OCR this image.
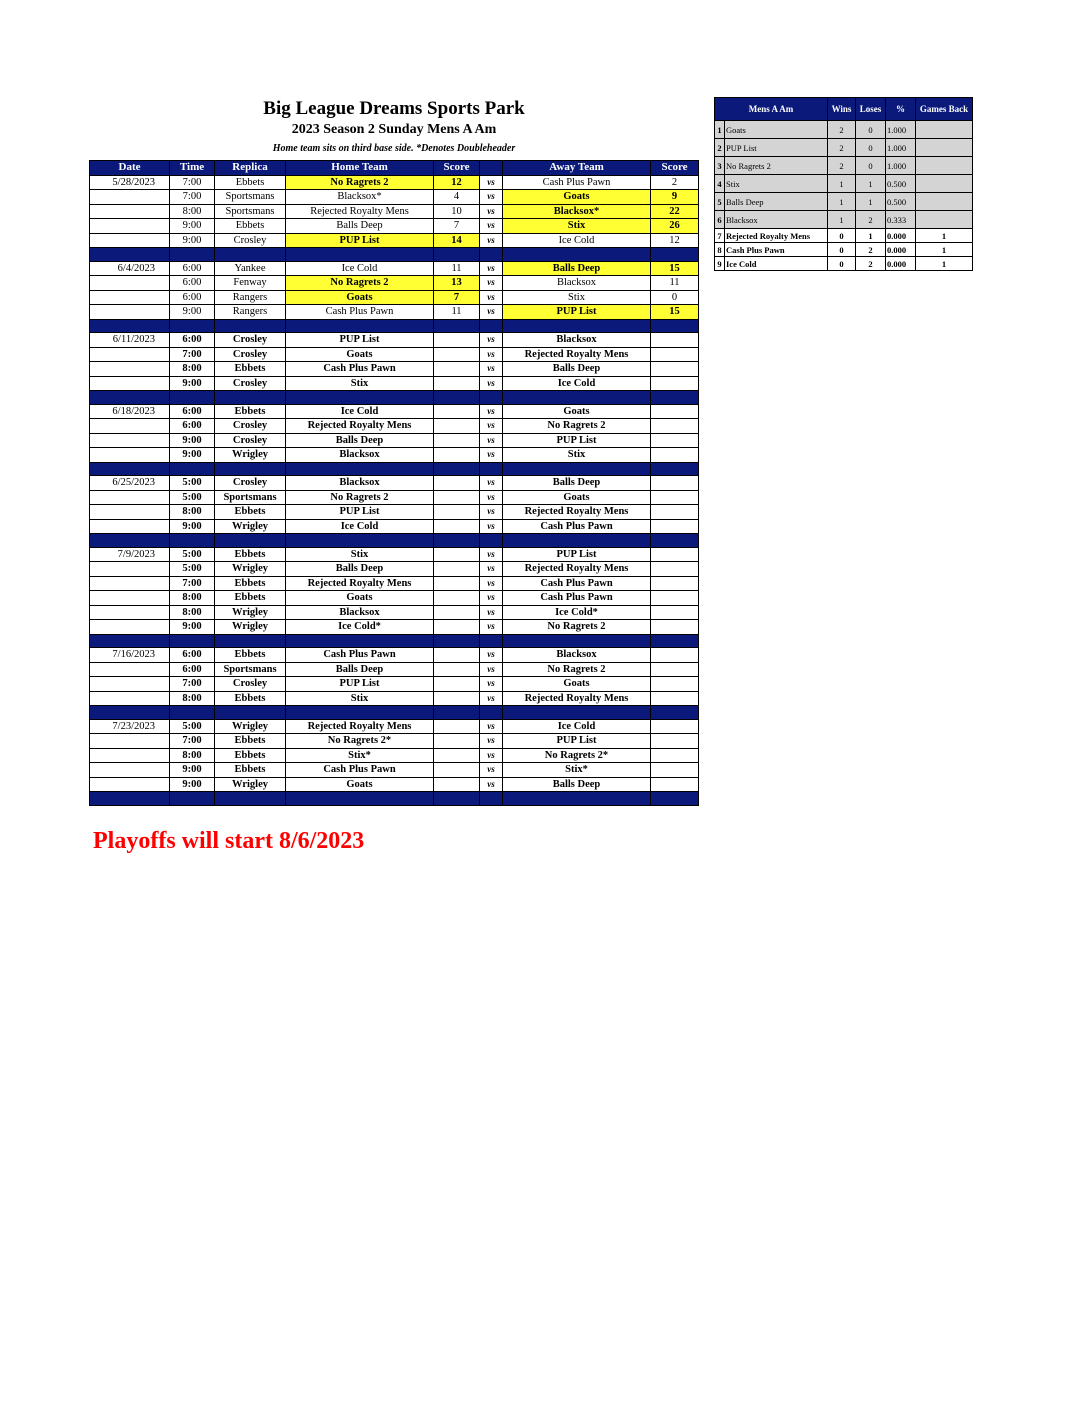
Big League Dreams Sports Park
2023 Season 2 Sunday Mens A Am
Home team sits on third base side. *Denotes Doubleheader
Date	Time	Replica	Home Team	Score		Away Team	Score
5/28/2023	7:00	Ebbets	No Ragrets 2	12	vs	Cash Plus Pawn	2
	7:00	Sportsmans	Blacksox*	4	vs	Goats	9
	8:00	Sportsmans	Rejected Royalty Mens	10	vs	Blacksox*	22
	9:00	Ebbets	Balls Deep	7	vs	Stix	26
	9:00	Crosley	PUP List	14	vs	Ice Cold	12

6/4/2023	6:00	Yankee	Ice Cold	11	vs	Balls Deep	15
	6:00	Fenway	No Ragrets 2	13	vs	Blacksox	11
	6:00	Rangers	Goats	7	vs	Stix	0
	9:00	Rangers	Cash Plus Pawn	11	vs	PUP List	15

6/11/2023	6:00	Crosley	PUP List		vs	Blacksox	
	7:00	Crosley	Goats		vs	Rejected Royalty Mens	
	8:00	Ebbets	Cash Plus Pawn		vs	Balls Deep	
	9:00	Crosley	Stix		vs	Ice Cold	

6/18/2023	6:00	Ebbets	Ice Cold		vs	Goats	
	6:00	Crosley	Rejected Royalty Mens		vs	No Ragrets 2	
	9:00	Crosley	Balls Deep		vs	PUP List	
	9:00	Wrigley	Blacksox		vs	Stix	

6/25/2023	5:00	Crosley	Blacksox		vs	Balls Deep	
	5:00	Sportsmans	No Ragrets 2		vs	Goats	
	8:00	Ebbets	PUP List		vs	Rejected Royalty Mens	
	9:00	Wrigley	Ice Cold		vs	Cash Plus Pawn	

7/9/2023	5:00	Ebbets	Stix		vs	PUP List	
	5:00	Wrigley	Balls Deep		vs	Rejected Royalty Mens	
	7:00	Ebbets	Rejected Royalty Mens		vs	Cash Plus Pawn	
	8:00	Ebbets	Goats		vs	Cash Plus Pawn	
	8:00	Wrigley	Blacksox		vs	Ice Cold*	
	9:00	Wrigley	Ice Cold*		vs	No Ragrets 2	

7/16/2023	6:00	Ebbets	Cash Plus Pawn		vs	Blacksox	
	6:00	Sportsmans	Balls Deep		vs	No Ragrets 2	
	7:00	Crosley	PUP List		vs	Goats	
	8:00	Ebbets	Stix		vs	Rejected Royalty Mens	

7/23/2023	5:00	Wrigley	Rejected Royalty Mens		vs	Ice Cold	
	7:00	Ebbets	No Ragrets 2*		vs	PUP List	
	8:00	Ebbets	Stix*		vs	No Ragrets 2*	
	9:00	Ebbets	Cash Plus Pawn		vs	Stix*	
	9:00	Wrigley	Goats		vs	Balls Deep	

Mens A Am		Wins	Loses	%	Games Back
1	Goats	2	0	1.000	
2	PUP List	2	0	1.000	
3	No Ragrets 2	2	0	1.000	
4	Stix	1	1	0.500	
5	Balls Deep	1	1	0.500	
6	Blacksox	1	2	0.333	
7	Rejected Royalty Mens	0	1	0.000	1
8	Cash Plus Pawn	0	2	0.000	1
9	Ice Cold	0	2	0.000	1
Playoffs will start 8/6/2023
